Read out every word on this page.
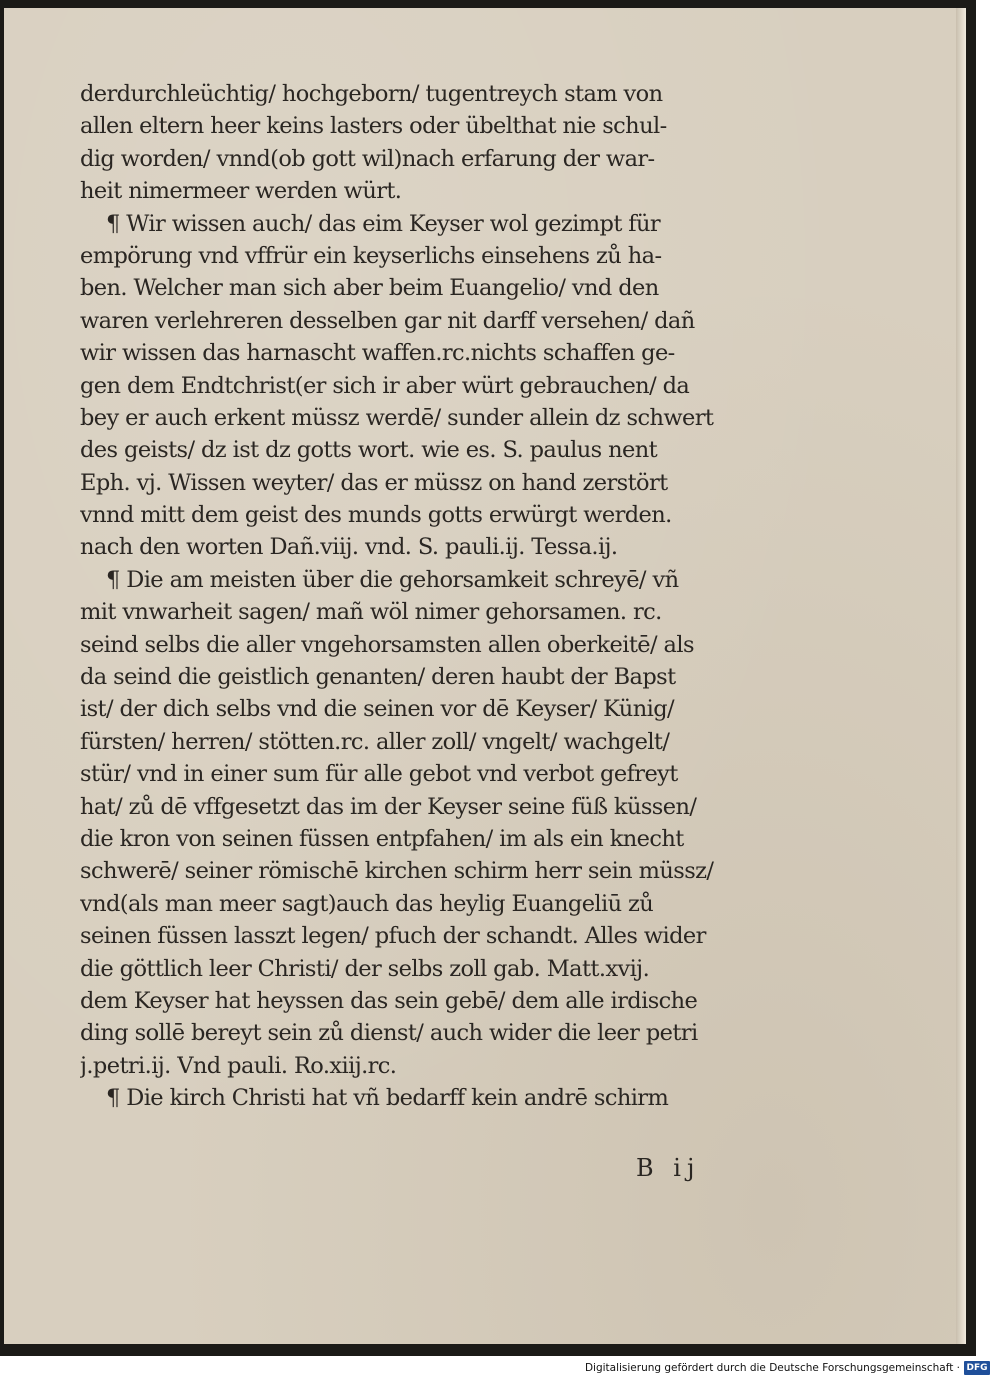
derdurchleüchtig/ hochgeborn/ tugentreych stam von
allen eltern heer keins lasters oder übelthat nie schul-
dig worden/ vnnd(ob gott wil)nach erfarung der war-
heit nimermeer werden würt.
¶ Wir wissen auch/ das eim Keyser wol gezimpt für
empörung vnd vffrür ein keyserlichs einsehens zů ha-
ben. Welcher man sich aber beim Euangelio/ vnd den
waren verlehreren desselben gar nit darff versehen/ dañ
wir wissen das harnascht waffen.rc.nichts schaffen ge-
gen dem Endtchrist(er sich ir aber würt gebrauchen/ da
bey er auch erkent müssz werdē/ sunder allein dz schwert
des geists/ dz ist dz gotts wort. wie es. S. paulus nent
Eph. vj. Wissen weyter/ das er müssz on hand zerstört
vnnd mitt dem geist des munds gotts erwürgt werden.
nach den worten Dañ.viij. vnd. S. pauli.ij. Tessa.ij.
¶ Die am meisten über die gehorsamkeit schreyē/ vñ
mit vnwarheit sagen/ mañ wöl nimer gehorsamen. rc.
seind selbs die aller vngehorsamsten allen oberkeitē/ als
da seind die geistlich genanten/ deren haubt der Bapst
ist/ der dich selbs vnd die seinen vor dē Keyser/ Künig/
fürsten/ herren/ stötten.rc. aller zoll/ vngelt/ wachgelt/
stür/ vnd in einer sum für alle gebot vnd verbot gefreyt
hat/ zů dē vffgesetzt das im der Keyser seine füß küssen/
die kron von seinen füssen entpfahen/ im als ein knecht
schwerē/ seiner römischē kirchen schirm herr sein müssz/
vnd(als man meer sagt)auch das heylig Euangeliū zů
seinen füssen lasszt legen/ pfuch der schandt. Alles wider
die göttlich leer Christi/ der selbs zoll gab. Matt.xvij.
dem Keyser hat heyssen das sein gebē/ dem alle irdische
ding sollē bereyt sein zů dienst/ auch wider die leer petri
j.petri.ij. Vnd pauli. Ro.xiij.rc.
¶ Die kirch Christi hat vñ bedarff kein andrē schirm
B ij
Digitalisierung gefördert durch die Deutsche Forschungsgemeinschaft · DFG
